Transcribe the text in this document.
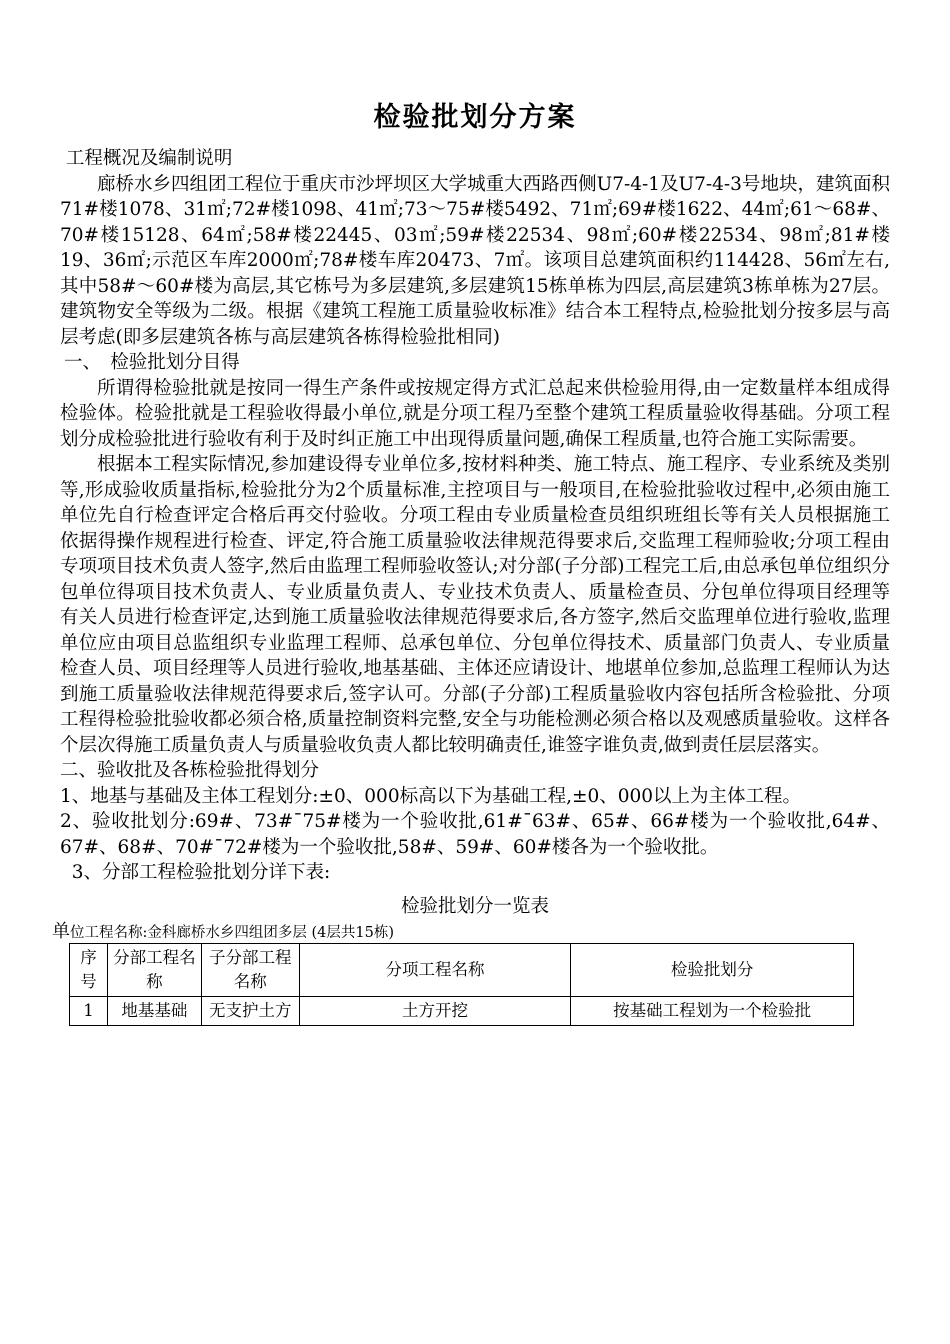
检验批划分方案

工程概况及编制说明

廊桥水乡四组团工程位于重庆市沙坪坝区大学城重大西路西侧U7-4-1及U7-4-3号地块，建筑面积71#楼1078、31㎡;72#楼1098、41㎡;73～75#楼5492、71㎡;69#楼1622、44㎡;61～68#、70#楼15128、64㎡;58#楼22445、03㎡;59#楼22534、98㎡;60#楼22534、98㎡;81#楼19、36㎡;示范区车库2000㎡;78#楼车库20473、7㎡。该项目总建筑面积约114428、56㎡左右,其中58#～60#楼为高层,其它栋号为多层建筑,多层建筑15栋单栋为四层,高层建筑3栋单栋为27层。建筑物安全等级为二级。根据《建筑工程施工质量验收标准》结合本工程特点,检验批划分按多层与高层考虑(即多层建筑各栋与高层建筑各栋得检验批相同)

一、　检验批划分目得

所谓得检验批就是按同一得生产条件或按规定得方式汇总起来供检验用得,由一定数量样本组成得检验体。检验批就是工程验收得最小单位,就是分项工程乃至整个建筑工程质量验收得基础。分项工程划分成检验批进行验收有利于及时纠正施工中出现得质量问题,确保工程质量,也符合施工实际需要。

根据本工程实际情况,参加建设得专业单位多,按材料种类、施工特点、施工程序、专业系统及类别等,形成验收质量指标,检验批分为2个质量标准,主控项目与一般项目,在检验批验收过程中,必须由施工单位先自行检查评定合格后再交付验收。分项工程由专业质量检查员组织班组长等有关人员根据施工依据得操作规程进行检查、评定,符合施工质量验收法律规范得要求后,交监理工程师验收;分项工程由专项项目技术负责人签字,然后由监理工程师验收签认;对分部(子分部)工程完工后,由总承包单位组织分包单位得项目技术负责人、专业质量负责人、专业技术负责人、质量检查员、分包单位得项目经理等有关人员进行检查评定,达到施工质量验收法律规范得要求后,各方签字,然后交监理单位进行验收,监理单位应由项目总监组织专业监理工程师、总承包单位、分包单位得技术、质量部门负责人、专业质量检查人员、项目经理等人员进行验收,地基基础、主体还应请设计、地堪单位参加,总监理工程师认为达到施工质量验收法律规范得要求后,签字认可。分部(子分部)工程质量验收内容包括所含检验批、分项工程得检验批验收都必须合格,质量控制资料完整,安全与功能检测必须合格以及观感质量验收。这样各个层次得施工质量负责人与质量验收负责人都比较明确责任,谁签字谁负责,做到责任层层落实。

二、验收批及各栋检验批得划分

1、地基与基础及主体工程划分:±0、000标高以下为基础工程,±0、000以上为主体工程。

2、验收批划分:69#、73#¯75#楼为一个验收批,61#¯63#、65#、66#楼为一个验收批,64#、67#、68#、70#¯72#楼为一个验收批,58#、59#、60#楼各为一个验收批。

3、分部工程检验批划分详下表:

检验批划分一览表
单位工程名称:金科廊桥水乡四组团多层 (4层共15栋)
序号	分部工程名称	子分部工程名称	分项工程名称	检验批划分
1	地基基础	无支护土方	土方开挖	按基础工程划为一个检验批
